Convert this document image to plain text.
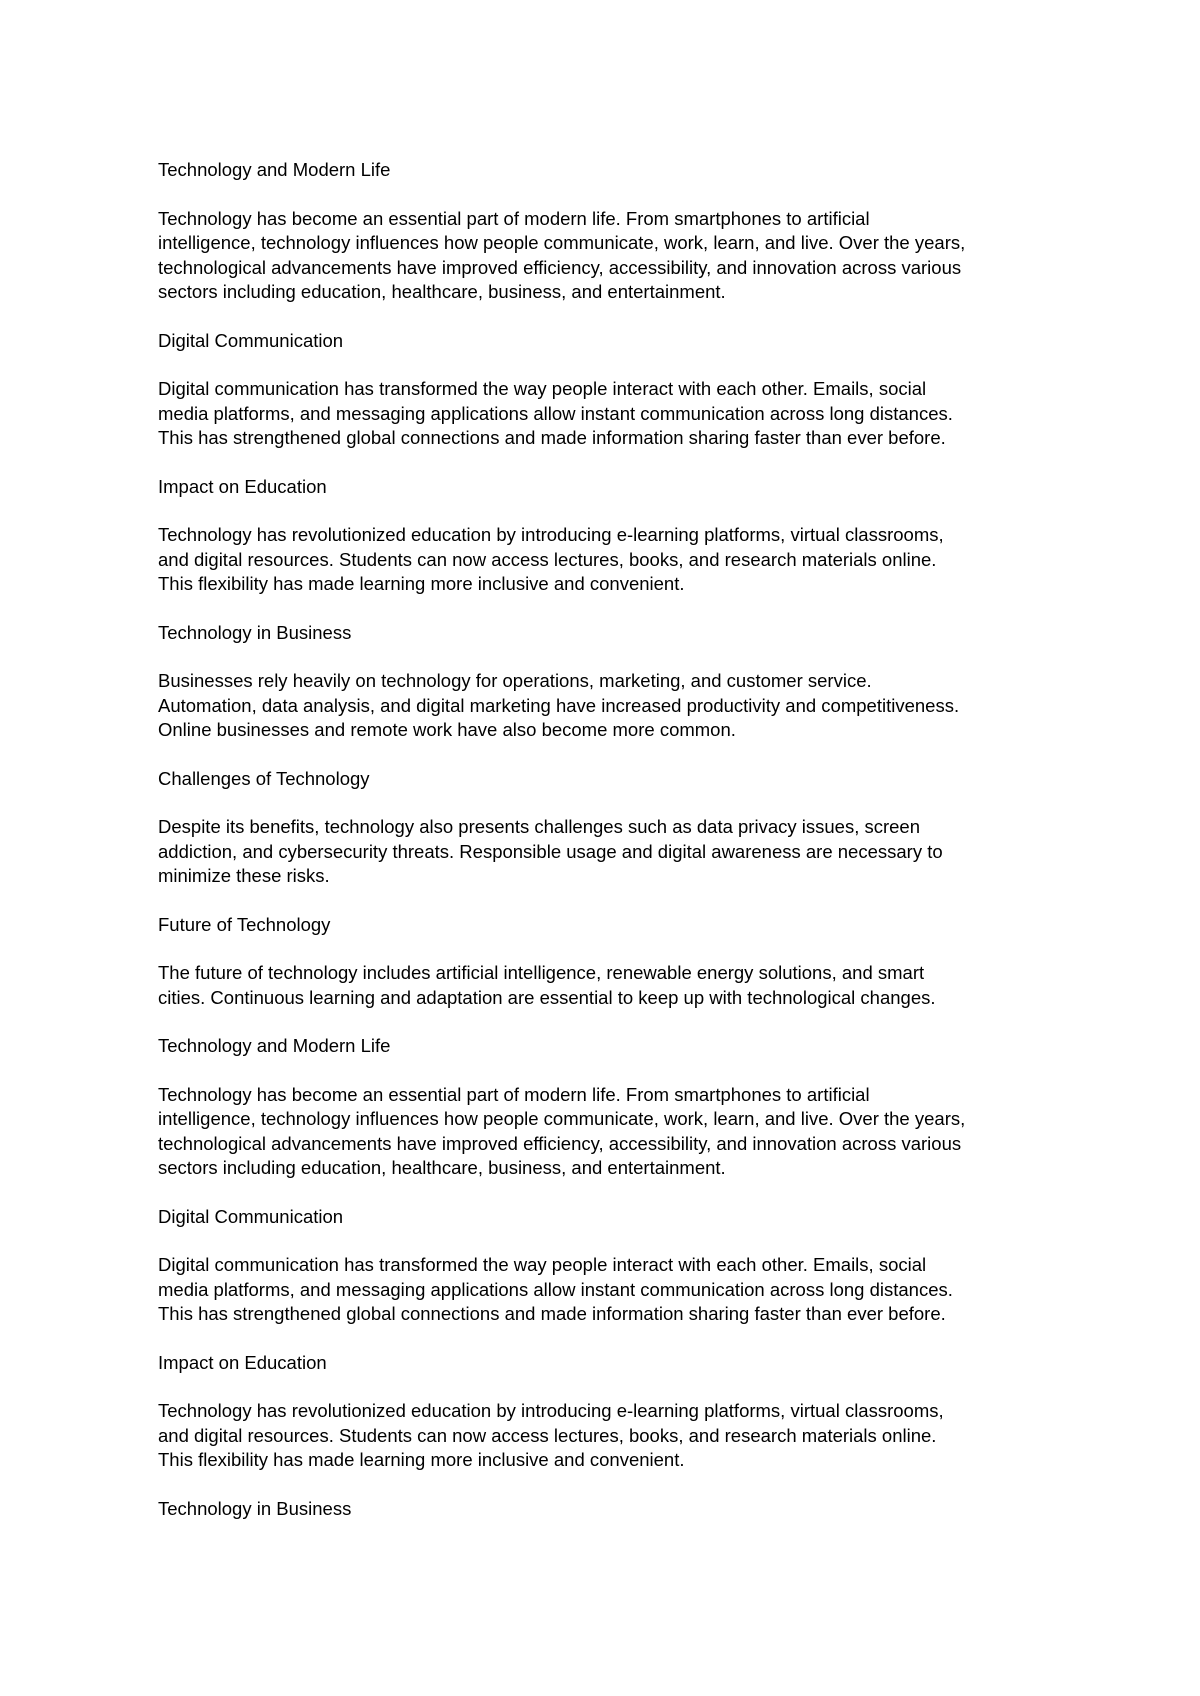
Technology and Modern Life
Technology has become an essential part of modern life. From smartphones to artificial
intelligence, technology influences how people communicate, work, learn, and live. Over the years,
technological advancements have improved efficiency, accessibility, and innovation across various
sectors including education, healthcare, business, and entertainment.
Digital Communication
Digital communication has transformed the way people interact with each other. Emails, social
media platforms, and messaging applications allow instant communication across long distances.
This has strengthened global connections and made information sharing faster than ever before.
Impact on Education
Technology has revolutionized education by introducing e-learning platforms, virtual classrooms,
and digital resources. Students can now access lectures, books, and research materials online.
This flexibility has made learning more inclusive and convenient.
Technology in Business
Businesses rely heavily on technology for operations, marketing, and customer service.
Automation, data analysis, and digital marketing have increased productivity and competitiveness.
Online businesses and remote work have also become more common.
Challenges of Technology
Despite its benefits, technology also presents challenges such as data privacy issues, screen
addiction, and cybersecurity threats. Responsible usage and digital awareness are necessary to
minimize these risks.
Future of Technology
The future of technology includes artificial intelligence, renewable energy solutions, and smart
cities. Continuous learning and adaptation are essential to keep up with technological changes.
Technology and Modern Life
Technology has become an essential part of modern life. From smartphones to artificial
intelligence, technology influences how people communicate, work, learn, and live. Over the years,
technological advancements have improved efficiency, accessibility, and innovation across various
sectors including education, healthcare, business, and entertainment.
Digital Communication
Digital communication has transformed the way people interact with each other. Emails, social
media platforms, and messaging applications allow instant communication across long distances.
This has strengthened global connections and made information sharing faster than ever before.
Impact on Education
Technology has revolutionized education by introducing e-learning platforms, virtual classrooms,
and digital resources. Students can now access lectures, books, and research materials online.
This flexibility has made learning more inclusive and convenient.
Technology in Business
